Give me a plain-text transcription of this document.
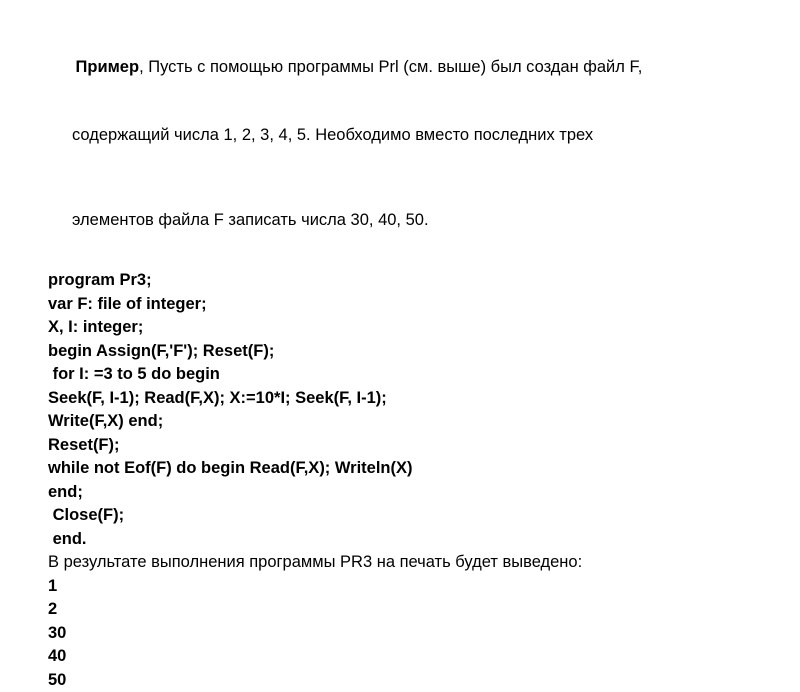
Пример, Пусть с помощью программы Prl (см. выше) был создан файл F,

содержащий числа 1, 2, 3, 4, 5. Необходимо вместо последних трех

элементов файла F записать числа 30, 40, 50.

program Pr3;
var F: file of integer;
X, I: integer;
begin Assign(F,'F'); Reset(F);
for I: =3 to 5 do begin
Seek(F, I-1); Read(F,X); X:=10*I; Seek(F, I-1);
Write(F,X) end;
Reset(F);
while not Eof(F) do begin Read(F,X); Writeln(X)
end;
Close(F);
end.
В результате выполнения программы PR3 на печать будет выведено:
1
2
30
40
50
